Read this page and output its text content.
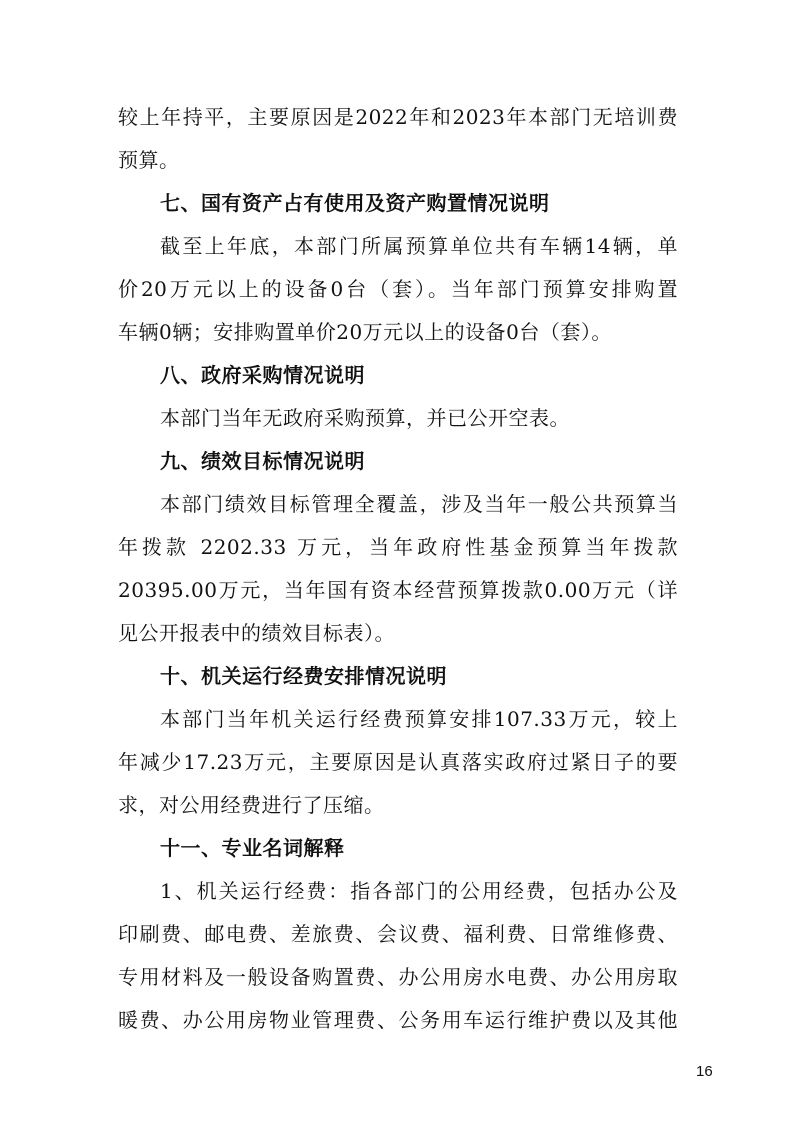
较上年持平，主要原因是2022年和2023年本部门无培训费
预算。
七、国有资产占有使用及资产购置情况说明
截至上年底，本部门所属预算单位共有车辆14辆，单
价20万元以上的设备0台（套）。当年部门预算安排购置
车辆0辆；安排购置单价20万元以上的设备0台（套）。
八、政府采购情况说明
本部门当年无政府采购预算，并已公开空表。
九、绩效目标情况说明
本部门绩效目标管理全覆盖，涉及当年一般公共预算当
年拨款 2202.33 万元，当年政府性基金预算当年拨款
20395.00万元，当年国有资本经营预算拨款0.00万元（详
见公开报表中的绩效目标表）。
十、机关运行经费安排情况说明
本部门当年机关运行经费预算安排107.33万元，较上
年减少17.23万元，主要原因是认真落实政府过紧日子的要
求，对公用经费进行了压缩。
十一、专业名词解释
1、机关运行经费：指各部门的公用经费，包括办公及
印刷费、邮电费、差旅费、会议费、福利费、日常维修费、
专用材料及一般设备购置费、办公用房水电费、办公用房取
暖费、办公用房物业管理费、公务用车运行维护费以及其他
16
